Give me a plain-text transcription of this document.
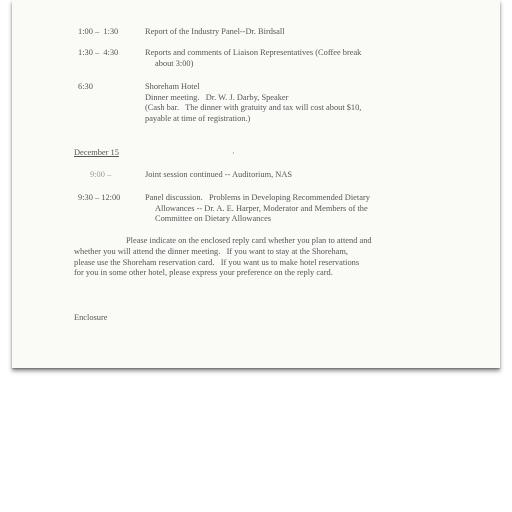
1:00 –  1:30	Report of the Industry Panel--Dr. Birdsall
1:30 –  4:30	Reports and comments of Liaison Representatives (Coffee break
about 3:00)
6:30	Shoreham Hotel
Dinner meeting.   Dr. W. J. Darby, Speaker
(Cash bar.   The dinner with gratuity and tax will cost about $10,
payable at time of registration.)
December 15	·
9:00 –	Joint session continued -- Auditorium, NAS
9:30 – 12:00	Panel discussion.   Problems in Developing Recommended Dietary
Allowances -- Dr. A. E. Harper, Moderator and Members of the
Committee on Dietary Allowances
Please indicate on the enclosed reply card whether you plan to attend and
whether you will attend the dinner meeting.   If you want to stay at the Shoreham,
please use the Shoreham reservation card.   If you want us to make hotel reservations
for you in some other hotel, please express your preference on the reply card.
Enclosure
